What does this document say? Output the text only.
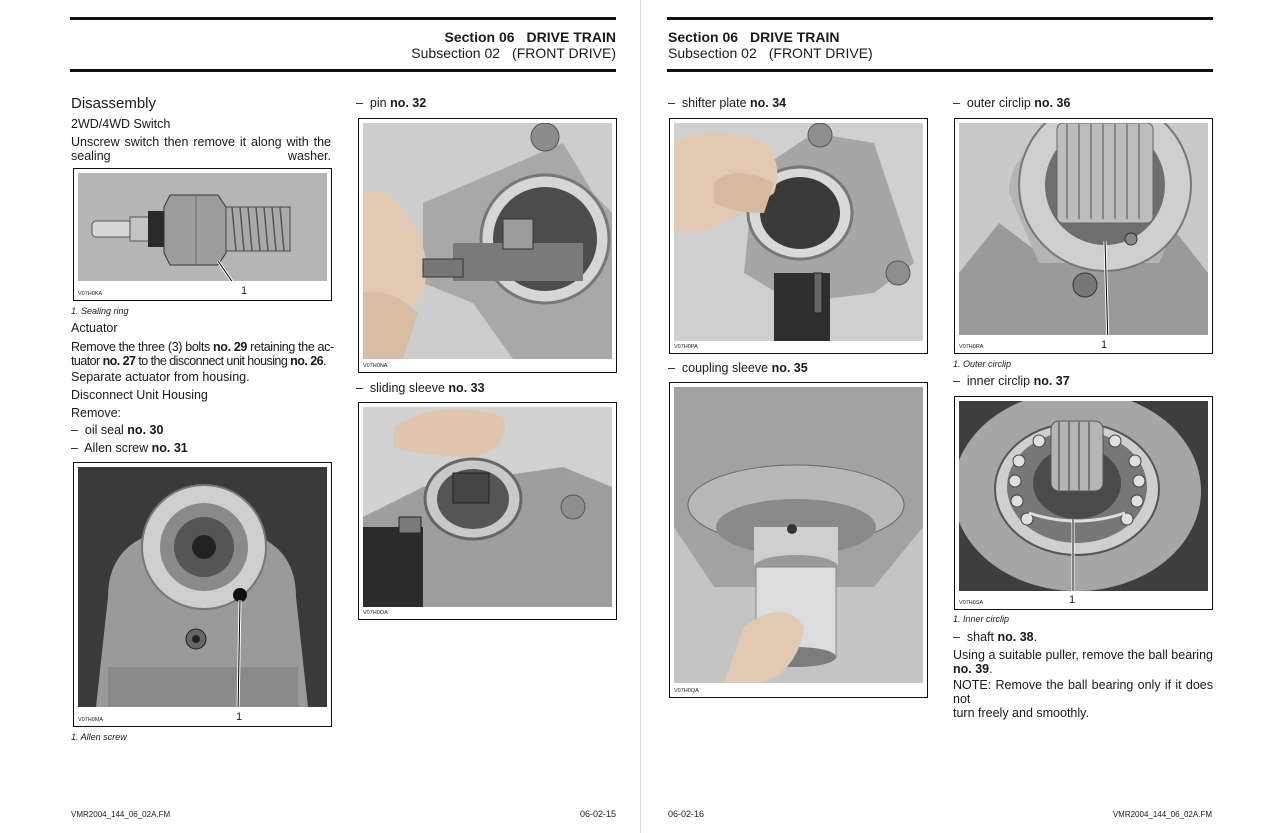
Section 06 DRIVE TRAIN
Subsection 02 (FRONT DRIVE)
Disassembly
2WD/4WD Switch
Unscrew switch then remove it along with the sealing washer.
V07H0KA	1
1. Sealing ring
Actuator
Remove the three (3) bolts no. 29 retaining the ac-
tuator no. 27 to the disconnect unit housing no. 26.
Separate actuator from housing.
Disconnect Unit Housing
Remove:
– oil seal no. 30
– Allen screw no. 31
V07H0MA	1
1. Allen screw
– pin no. 32
V07H0NA
– sliding sleeve no. 33
V07H0OA
VMR2004_144_06_02A.FM	06-02-15
Section 06 DRIVE TRAIN
Subsection 02 (FRONT DRIVE)
– shifter plate no. 34
V07H0PA
– coupling sleeve no. 35
V07H0QA
– outer circlip no. 36
V07H0RA	1
1. Outer circlip
– inner circlip no. 37
V07H0SA	1
1. Inner circlip
– shaft no. 38.
Using a suitable puller, remove the ball bearing
no. 39.
NOTE: Remove the ball bearing only if it does not
turn freely and smoothly.
06-02-16	VMR2004_144_06_02A.FM
